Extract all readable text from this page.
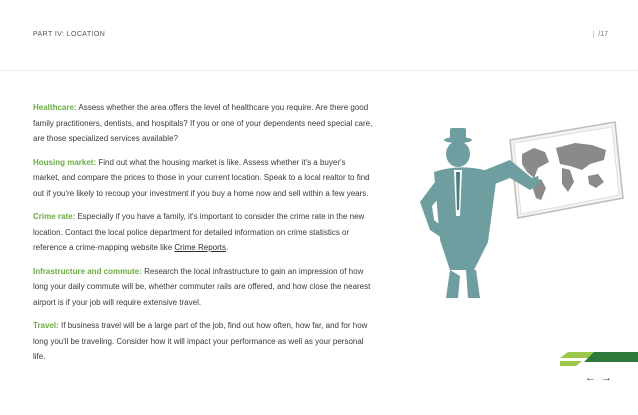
PART IV: LOCATION	| /17

Healthcare: Assess whether the area offers the level of healthcare you require. Are there good family practitioners, dentists, and hospitals? If you or one of your dependents need special care, are those specialized services available?

Housing market: Find out what the housing market is like. Assess whether it's a buyer's market, and compare the prices to those in your current location. Speak to a local realtor to find out if you're likely to recoup your investment if you buy a home now and sell within a few years.

Crime rate: Especially if you have a family, it's important to consider the crime rate in the new location. Contact the local police department for detailed information on crime statistics or reference a crime-mapping website like Crime Reports.

Infrastructure and commute: Research the local infrastructure to gain an impression of how long your daily commute will be, whether commuter rails are offered, and how close the nearest airport is if your job will require extensive travel.

Travel: If business travel will be a large part of the job, find out how often, how far, and for how long you'll be traveling. Consider how it will impact your performance as well as your personal life.

← →
